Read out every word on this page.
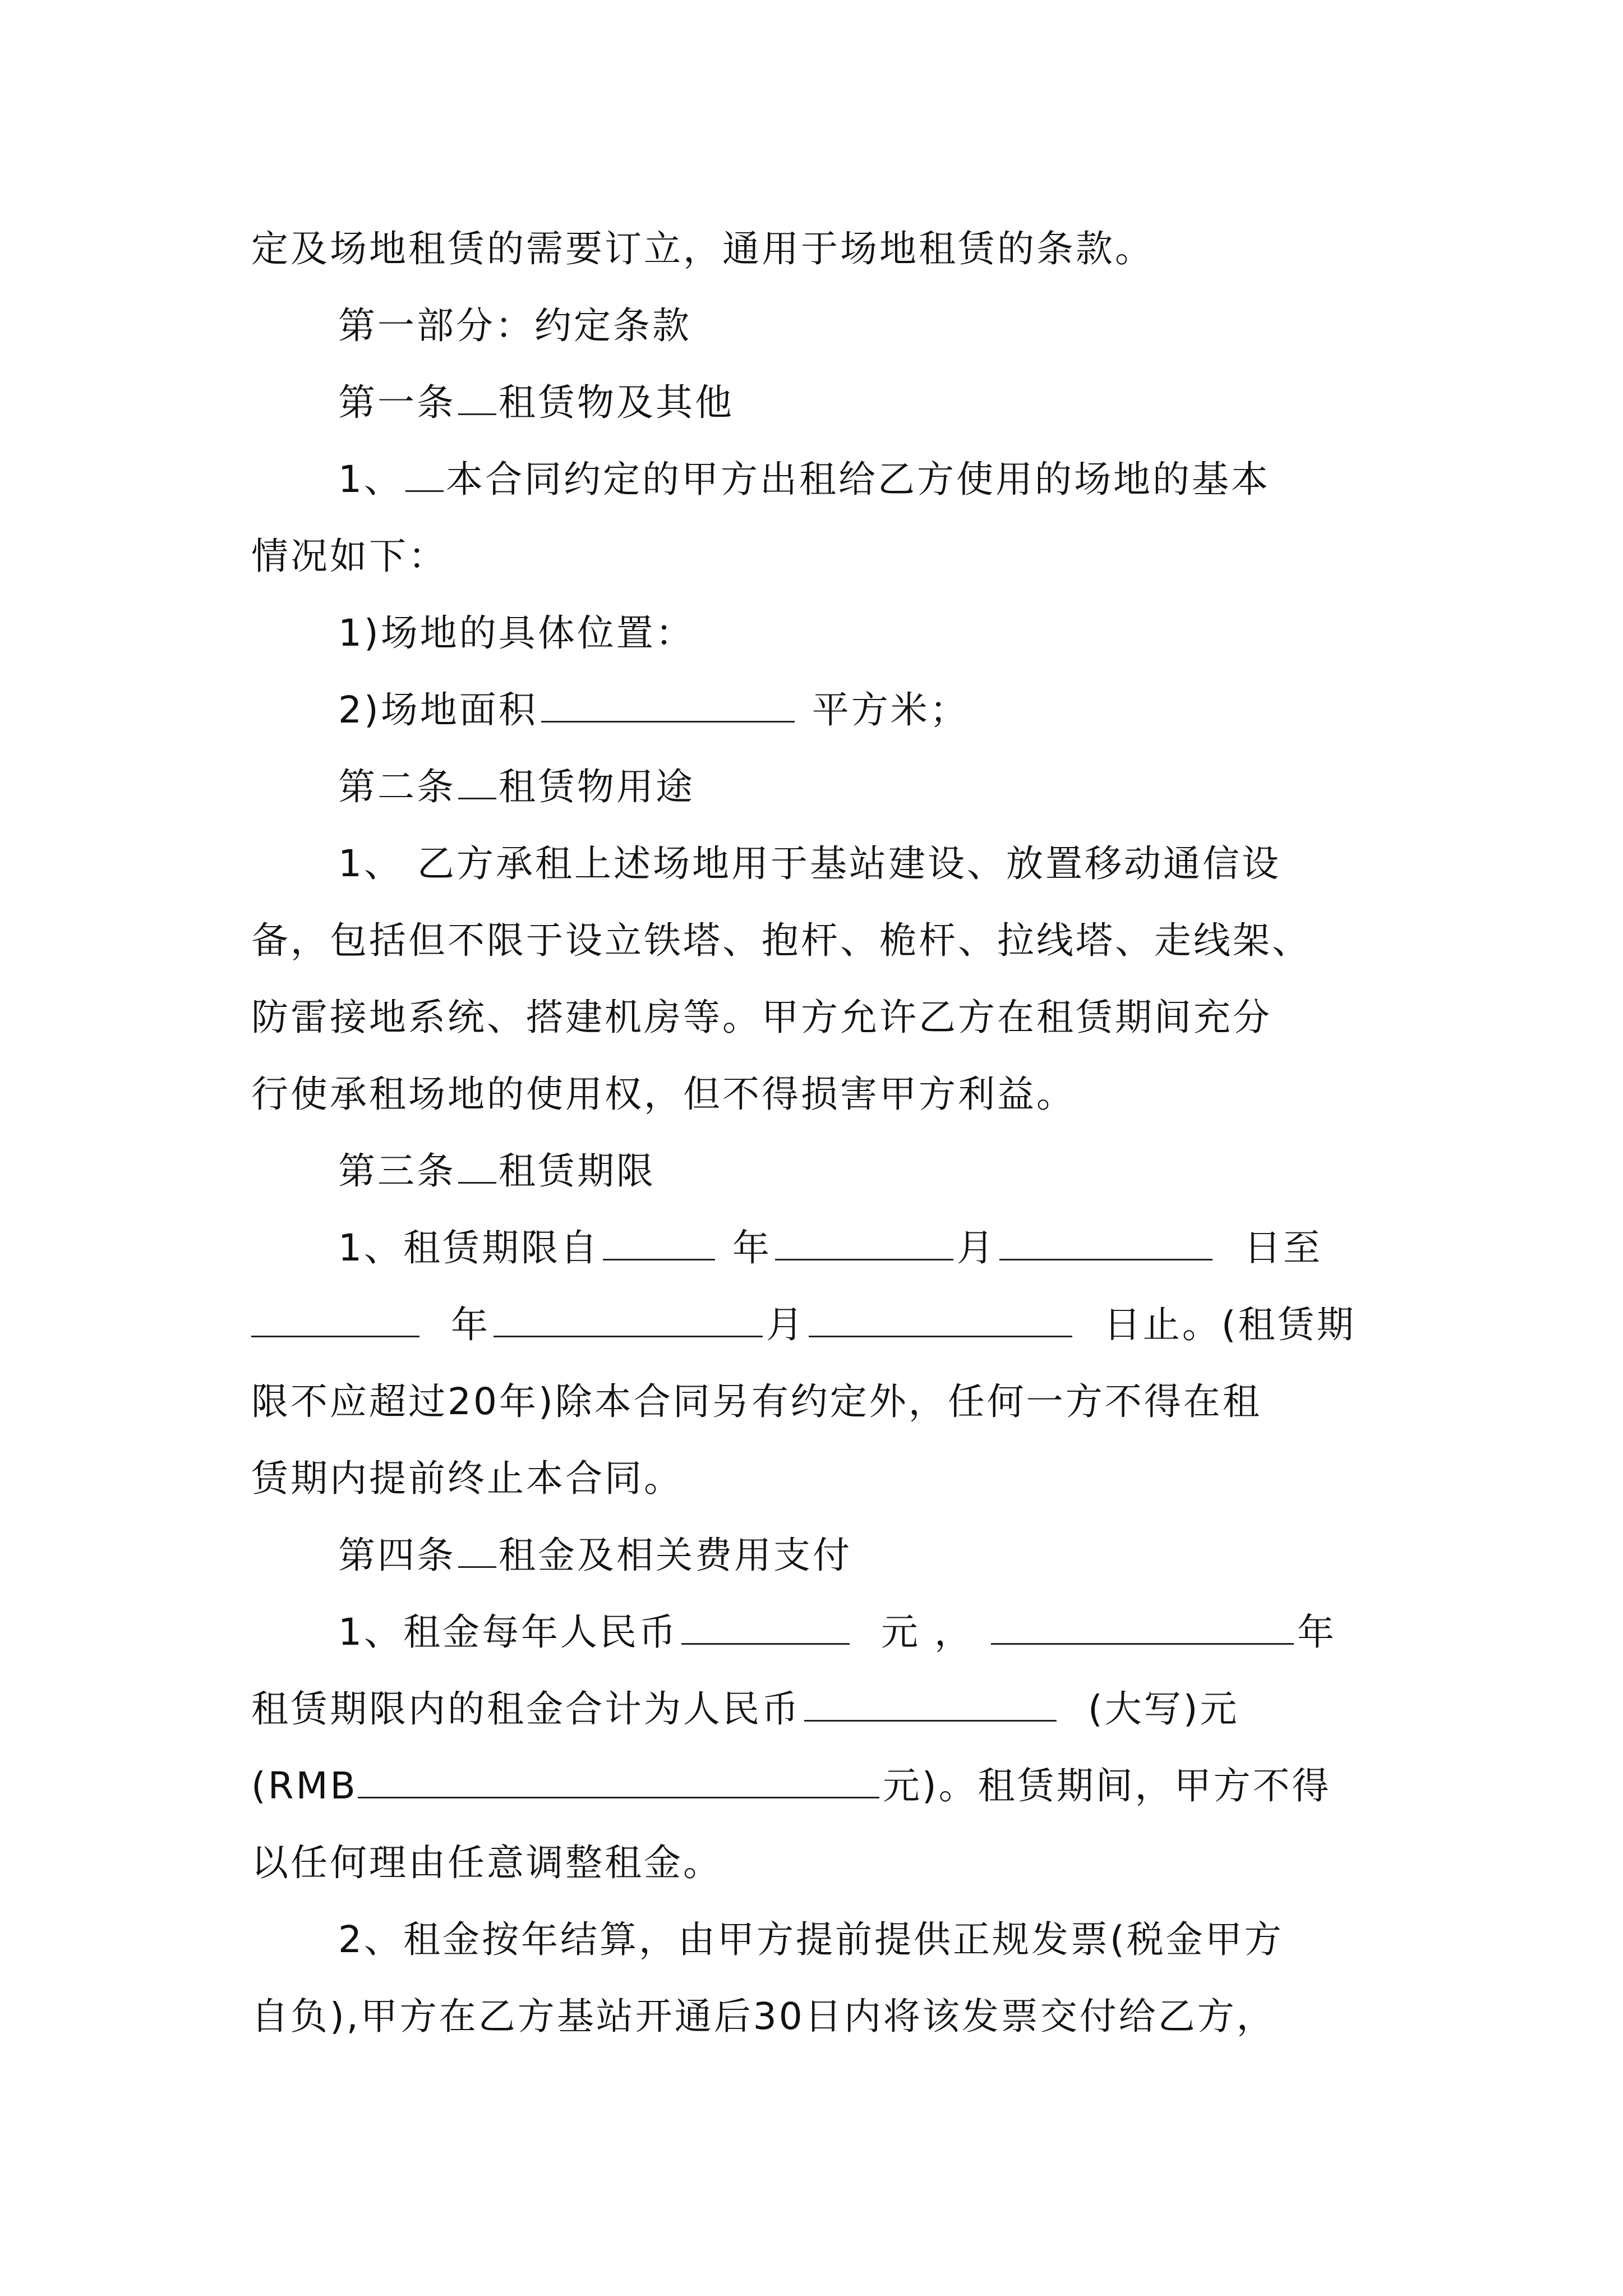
定及场地租赁的需要订立，通用于场地租赁的条款。

第一部分：约定条款

第一条 租赁物及其他

1、 本合同约定的甲方出租给乙方使用的场地的基本

情况如下：

1)场地的具体位置：

2)场地面积	平方米；

第二条 租赁物用途

1、 乙方承租上述场地用于基站建设、放置移动通信设

备，包括但不限于设立铁塔、抱杆、桅杆、拉线塔、走线架、

防雷接地系统、搭建机房等。甲方允许乙方在租赁期间充分

行使承租场地的使用权，但不得损害甲方利益。

第三条 租赁期限

1、租赁期限自	年	月	日至

年	月	日止。(租赁期

限不应超过20年)除本合同另有约定外，任何一方不得在租

赁期内提前终止本合同。

第四条 租金及相关费用支付

1、租金每年人民币	元 ，	年

租赁期限内的租金合计为人民币	(大写)元

(RMB	元)。租赁期间，甲方不得

以任何理由任意调整租金。

2、租金按年结算，由甲方提前提供正规发票(税金甲方

自负),甲方在乙方基站开通后30日内将该发票交付给乙方，
